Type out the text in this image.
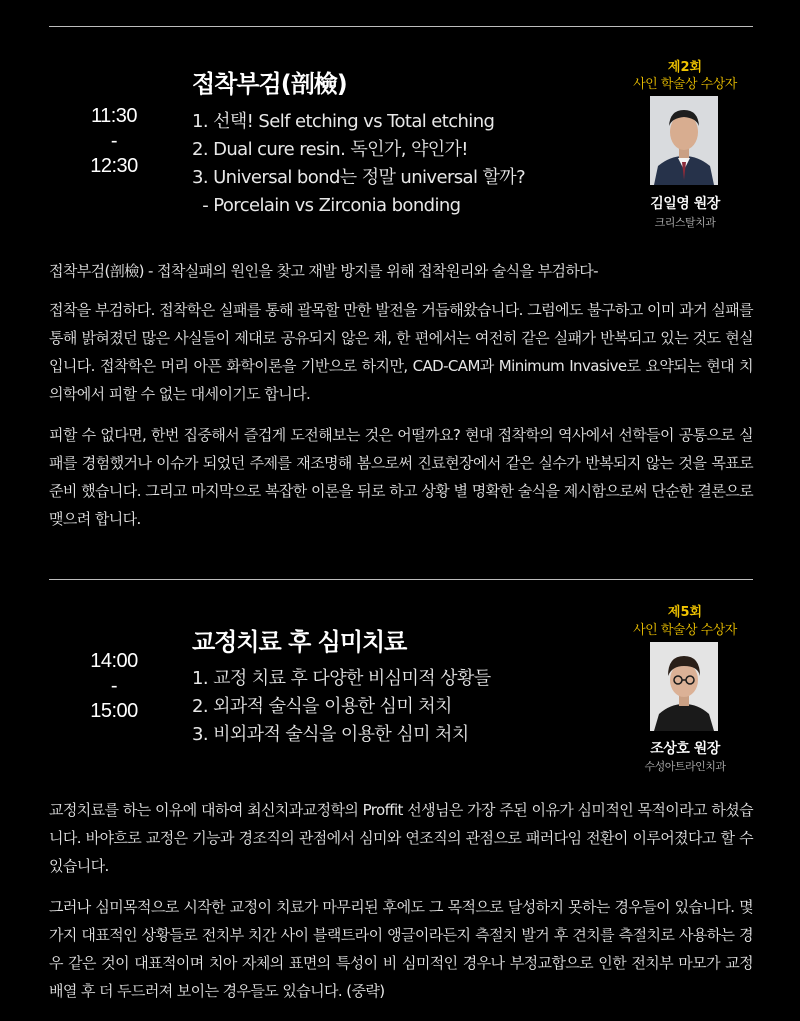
11:30
-
12:30
접착부검(剖檢)
1. 선택! Self etching vs Total etching
2. Dual cure resin. 독인가, 약인가!
3. Universal bond는 정말 universal 할까?
- Porcelain vs Zirconia bonding
제2회
사인 학술상 수상자
김일영 원장
크리스탈치과

접착부검(剖檢) - 접착실패의 원인을 찾고 재발 방지를 위해 접착원리와 술식을 부검하다-

접착을 부검하다. 접착학은 실패를 통해 괄목할 만한 발전을 거듭해왔습니다. 그럼에도 불구하고 이미 과거 실패를 통해 밝혀졌던 많은 사실들이 제대로 공유되지 않은 채, 한 편에서는 여전히 같은 실패가 반복되고 있는 것도 현실입니다. 접착학은 머리 아픈 화학이론을 기반으로 하지만, CAD-CAM과 Minimum Invasive로 요약되는 현대 치의학에서 피할 수 없는 대세이기도 합니다.

피할 수 없다면, 한번 집중해서 즐겁게 도전해보는 것은 어떨까요? 현대 접착학의 역사에서 선학들이 공통으로 실패를 경험했거나 이슈가 되었던 주제를 재조명해 봄으로써 진료현장에서 같은 실수가 반복되지 않는 것을 목표로 준비 했습니다. 그리고 마지막으로 복잡한 이론을 뒤로 하고 상황 별 명확한 술식을 제시함으로써 단순한 결론으로 맺으려 합니다.

14:00
-
15:00
교정치료 후 심미치료
1. 교정 치료 후 다양한 비심미적 상황들
2. 외과적 술식을 이용한 심미 처치
3. 비외과적 술식을 이용한 심미 처치
제5회
사인 학술상 수상자
조상호 원장
수성아트라인치과

교정치료를 하는 이유에 대하여 최신치과교정학의 Proffit 선생님은 가장 주된 이유가 심미적인 목적이라고 하셨습니다. 바야흐로 교정은 기능과 경조직의 관점에서 심미와 연조직의 관점으로 패러다임 전환이 이루어졌다고 할 수 있습니다.

그러나 심미목적으로 시작한 교정이 치료가 마무리된 후에도 그 목적으로 달성하지 못하는 경우들이 있습니다. 몇 가지 대표적인 상황들로 전치부 치간 사이 블랙트라이 앵글이라든지 측절치 발거 후 견치를 측절치로 사용하는 경우 같은 것이 대표적이며 치아 자체의 표면의 특성이 비 심미적인 경우나 부정교합으로 인한 전치부 마모가 교정 배열 후 더 두드러져 보이는 경우들도 있습니다. (중략)
